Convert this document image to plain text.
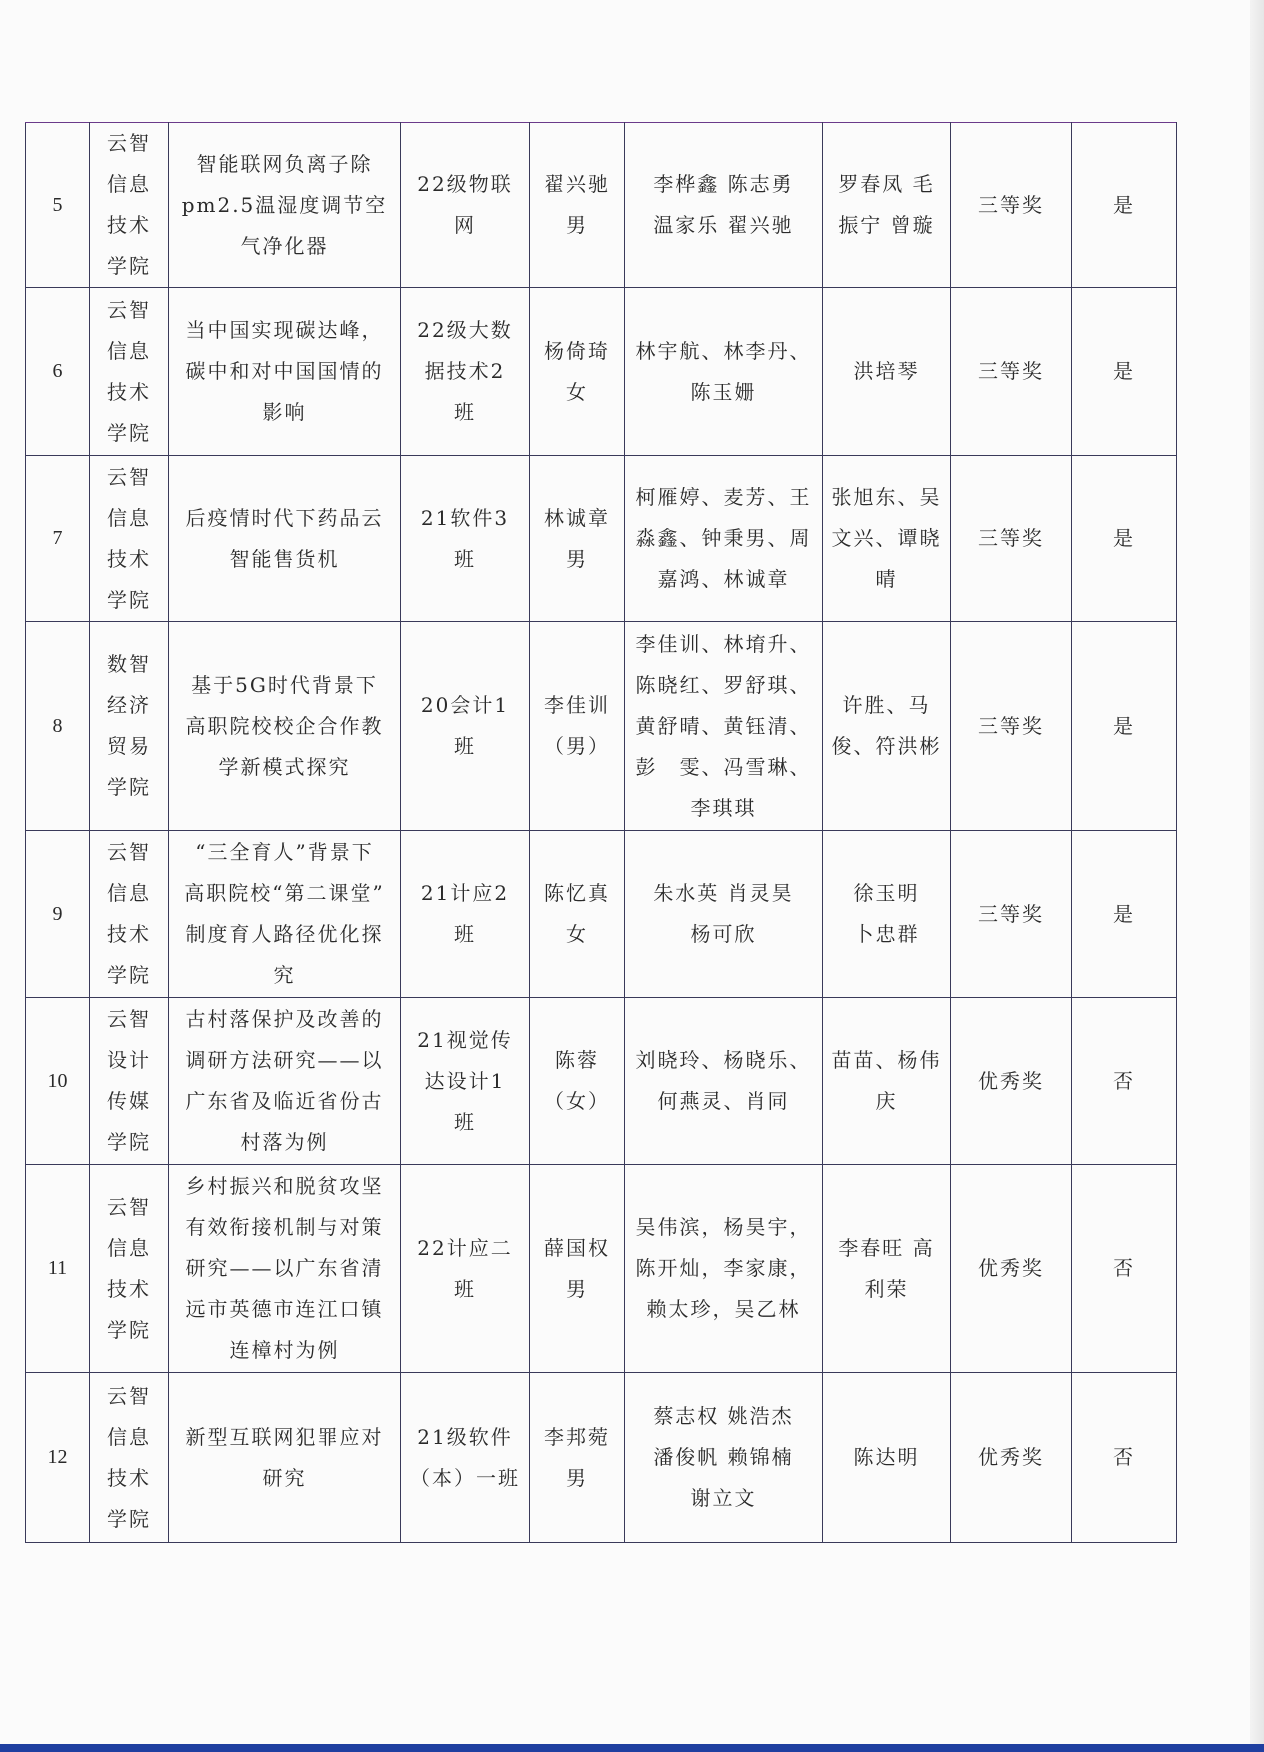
5	云智
信息
技术
学院	智能联网负离子除
pm2.5温湿度调节空
气净化器	22级物联
网	翟兴驰
男	李桦鑫 陈志勇
温家乐 翟兴驰	罗春凤 毛
振宁 曾璇	三等奖	是
6	云智
信息
技术
学院	当中国实现碳达峰，
碳中和对中国国情的
影响	22级大数
据技术2
班	杨倚琦
女	林宇航、林李丹、
陈玉姗	洪培琴	三等奖	是
7	云智
信息
技术
学院	后疫情时代下药品云
智能售货机	21软件3
班	林诚章
男	柯雁婷、麦芳、王
淼鑫、钟秉男、周
嘉鸿、林诚章	张旭东、吴
文兴、谭晓
晴	三等奖	是
8	数智
经济
贸易
学院	基于5G时代背景下
高职院校校企合作教
学新模式探究	20会计1
班	李佳训
（男）	李佳训、林堉升、
陈晓红、罗舒琪、
黄舒晴、黄钰清、
彭　雯、冯雪琳、
李琪琪	许胜、马
俊、符洪彬	三等奖	是
9	云智
信息
技术
学院	“三全育人”背景下
高职院校“第二课堂”
制度育人路径优化探
究	21计应2
班	陈忆真
女	朱水英 肖灵昊
杨可欣	徐玉明
卜忠群	三等奖	是
10	云智
设计
传媒
学院	古村落保护及改善的
调研方法研究——以
广东省及临近省份古
村落为例	21视觉传
达设计1
班	陈蓉
（女）	刘晓玲、杨晓乐、
何燕灵、肖同	苗苗、杨伟
庆	优秀奖	否
11	云智
信息
技术
学院	乡村振兴和脱贫攻坚
有效衔接机制与对策
研究——以广东省清
远市英德市连江口镇
连樟村为例	22计应二
班	薛国权
男	吴伟滨，杨昊宇，
陈开灿，李家康，
赖太珍，吴乙林	李春旺 高
利荣	优秀奖	否
12	云智
信息
技术
学院	新型互联网犯罪应对
研究	21级软件
（本）一班	李邦菀
男	蔡志权 姚浩杰
潘俊帆 赖锦楠
谢立文	陈达明	优秀奖	否
